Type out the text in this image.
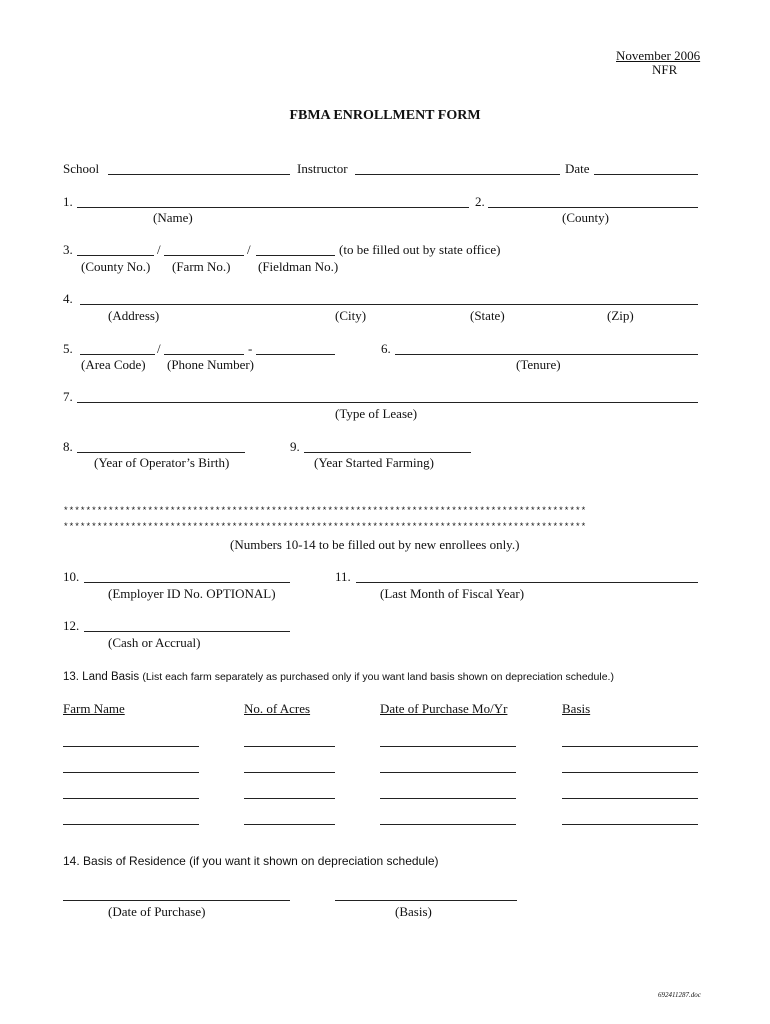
November 2006
NFR
FBMA ENROLLMENT FORM
School	Instructor	Date
1.
(Name)
2.
(County)
3.	/	/	(to be filled out by state office)
(County No.) (Farm No.) (Fieldman No.)
4.
(Address)	(City)	(State)	(Zip)
5.	/	-
(Area Code) (Phone Number)
6.
(Tenure)
7.
(Type of Lease)
8.
(Year of Operator’s Birth)
9.
(Year Started Farming)
*********************************************************************************************
*********************************************************************************************
(Numbers 10-14 to be filled out by new enrollees only.)
10.
(Employer ID No. OPTIONAL)
11.
(Last Month of Fiscal Year)
12.
(Cash or Accrual)
13. Land Basis (List each farm separately as purchased only if you want land basis shown on depreciation schedule.)
Farm Name	No. of Acres	Date of Purchase Mo/Yr	Basis
14. Basis of Residence (if you want it shown on depreciation schedule)
(Date of Purchase)	(Basis)
692411287.doc
